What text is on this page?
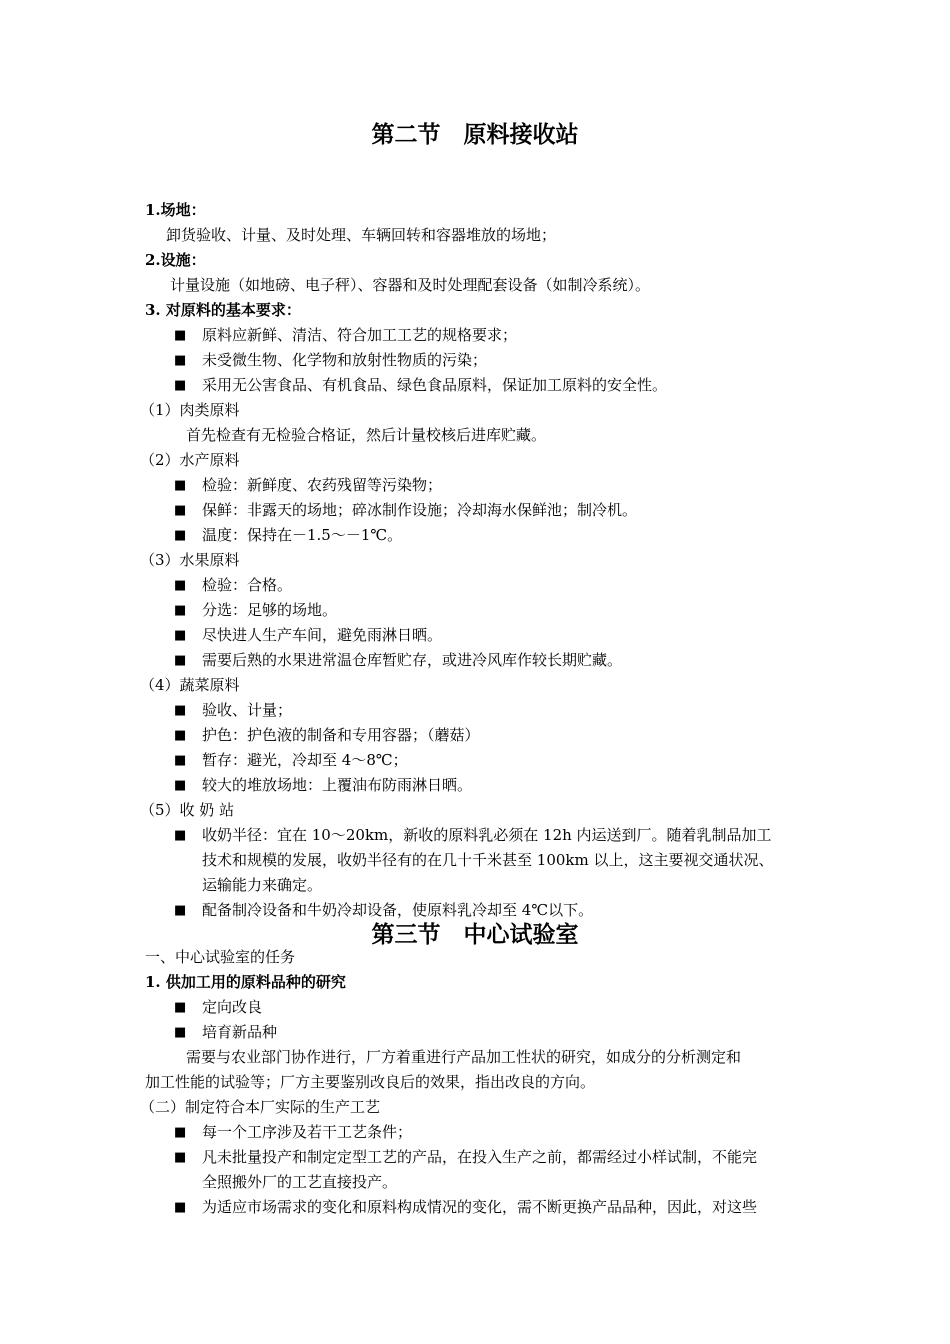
第二节　原料接收站
1.场地：
卸货验收、计量、及时处理、车辆回转和容器堆放的场地；
2.设施：
计量设施（如地磅、电子秤）、容器和及时处理配套设备（如制冷系统）。
3. 对原料的基本要求：
■ 原料应新鲜、清洁、符合加工工艺的规格要求；
■ 未受微生物、化学物和放射性物质的污染；
■ 采用无公害食品、有机食品、绿色食品原料，保证加工原料的安全性。
（1）肉类原料
首先检查有无检验合格证，然后计量校核后进库贮藏。
（2）水产原料
■ 检验：新鲜度、农药残留等污染物；
■ 保鲜：非露天的场地；碎冰制作设施；冷却海水保鲜池；制冷机。
■ 温度：保持在－1.5～－1℃。
（3）水果原料
■ 检验：合格。
■ 分选：足够的场地。
■ 尽快进人生产车间，避免雨淋日晒。
■ 需要后熟的水果进常温仓库暂贮存，或进冷风库作较长期贮藏。
（4）蔬菜原料
■ 验收、计量；
■ 护色：护色液的制备和专用容器；（蘑菇）
■ 暂存：避光，冷却至 4～8℃；
■ 较大的堆放场地：上覆油布防雨淋日晒。
（5）收 奶 站
■ 收奶半径：宜在 10～20km，新收的原料乳必须在 12h 内运送到厂。随着乳制品加工
技术和规模的发展，收奶半径有的在几十千米甚至 100km 以上，这主要视交通状况、
运输能力来确定。
■ 配备制冷设备和牛奶冷却设备，使原料乳冷却至 4℃以下。
第三节　中心试验室
一、中心试验室的任务
1. 供加工用的原料品种的研究
■ 定向改良
■ 培育新品种
需要与农业部门协作进行，厂方着重进行产品加工性状的研究，如成分的分析测定和
加工性能的试验等；厂方主要鉴别改良后的效果，指出改良的方向。
（二）制定符合本厂实际的生产工艺
■ 每一个工序涉及若干工艺条件；
■ 凡未批量投产和制定定型工艺的产品，在投入生产之前，都需经过小样试制，不能完
全照搬外厂的工艺直接投产。
■ 为适应市场需求的变化和原料构成情况的变化，需不断更换产品品种，因此，对这些
